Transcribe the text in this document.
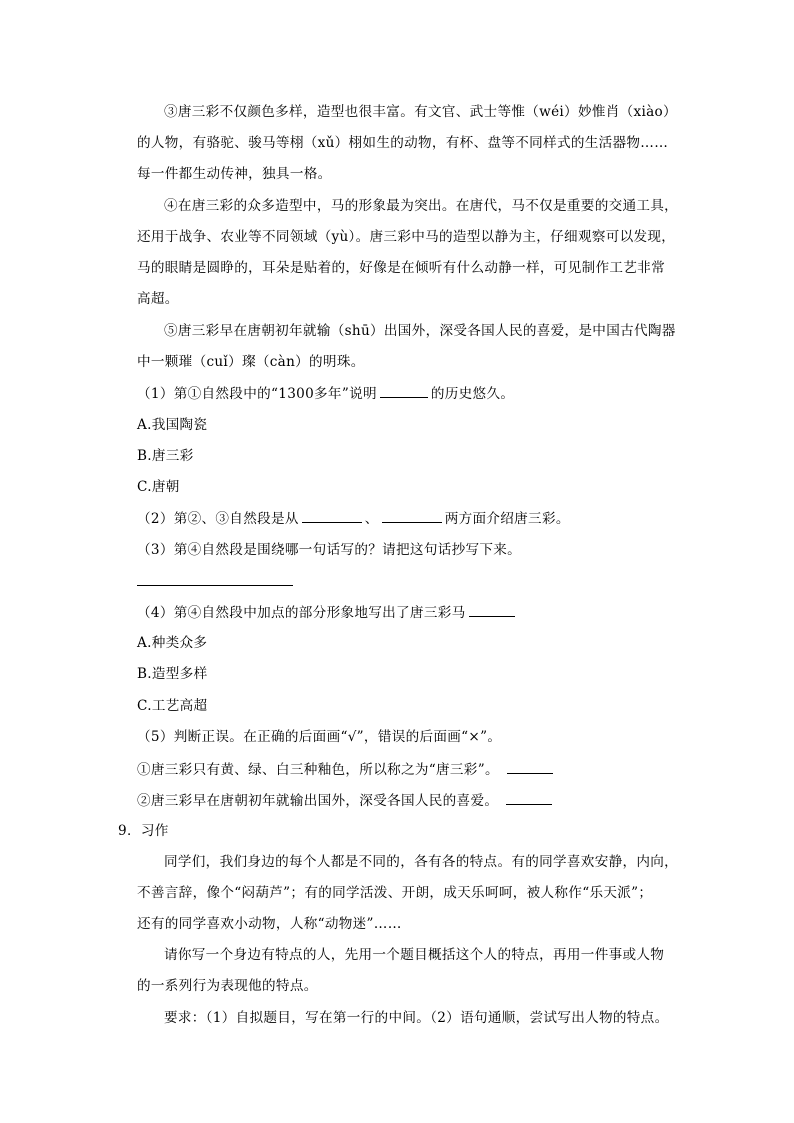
③唐三彩不仅颜色多样，造型也很丰富。有文官、武士等惟（wéi）妙惟肖（xiào）
的人物，有骆驼、骏马等栩（xǔ）栩如生的动物，有杯、盘等不同样式的生活器物……
每一件都生动传神，独具一格。
④在唐三彩的众多造型中，马的形象最为突出。在唐代，马不仅是重要的交通工具，
还用于战争、农业等不同领域（yù）。唐三彩中马的造型以静为主，仔细观察可以发现，
马的眼睛是圆睁的，耳朵是贴着的，好像是在倾听有什么动静一样，可见制作工艺非常
高超。
⑤唐三彩早在唐朝初年就输（shū）出国外，深受各国人民的喜爱，是中国古代陶器
中一颗璀（cuǐ）璨（càn）的明珠。
（1）第①自然段中的“1300多年”说明	的历史悠久。
A.我国陶瓷
B.唐三彩
C.唐朝
（2）第②、③自然段是从	、	两方面介绍唐三彩。
（3）第④自然段是围绕哪一句话写的？请把这句话抄写下来。
（4）第④自然段中加点的部分形象地写出了唐三彩马
A.种类众多
B.造型多样
C.工艺高超
（5）判断正误。在正确的后面画“√”，错误的后面画“×”。
①唐三彩只有黄、绿、白三种釉色，所以称之为“唐三彩”。
②唐三彩早在唐朝初年就输出国外，深受各国人民的喜爱。
9．习作
同学们，我们身边的每个人都是不同的，各有各的特点。有的同学喜欢安静，内向，
不善言辞，像个“闷葫芦”；有的同学活泼、开朗，成天乐呵呵，被人称作“乐天派”；
还有的同学喜欢小动物，人称“动物迷”……
请你写一个身边有特点的人，先用一个题目概括这个人的特点，再用一件事或人物
的一系列行为表现他的特点。
要求：（1）自拟题目，写在第一行的中间。（2）语句通顺，尝试写出人物的特点。
